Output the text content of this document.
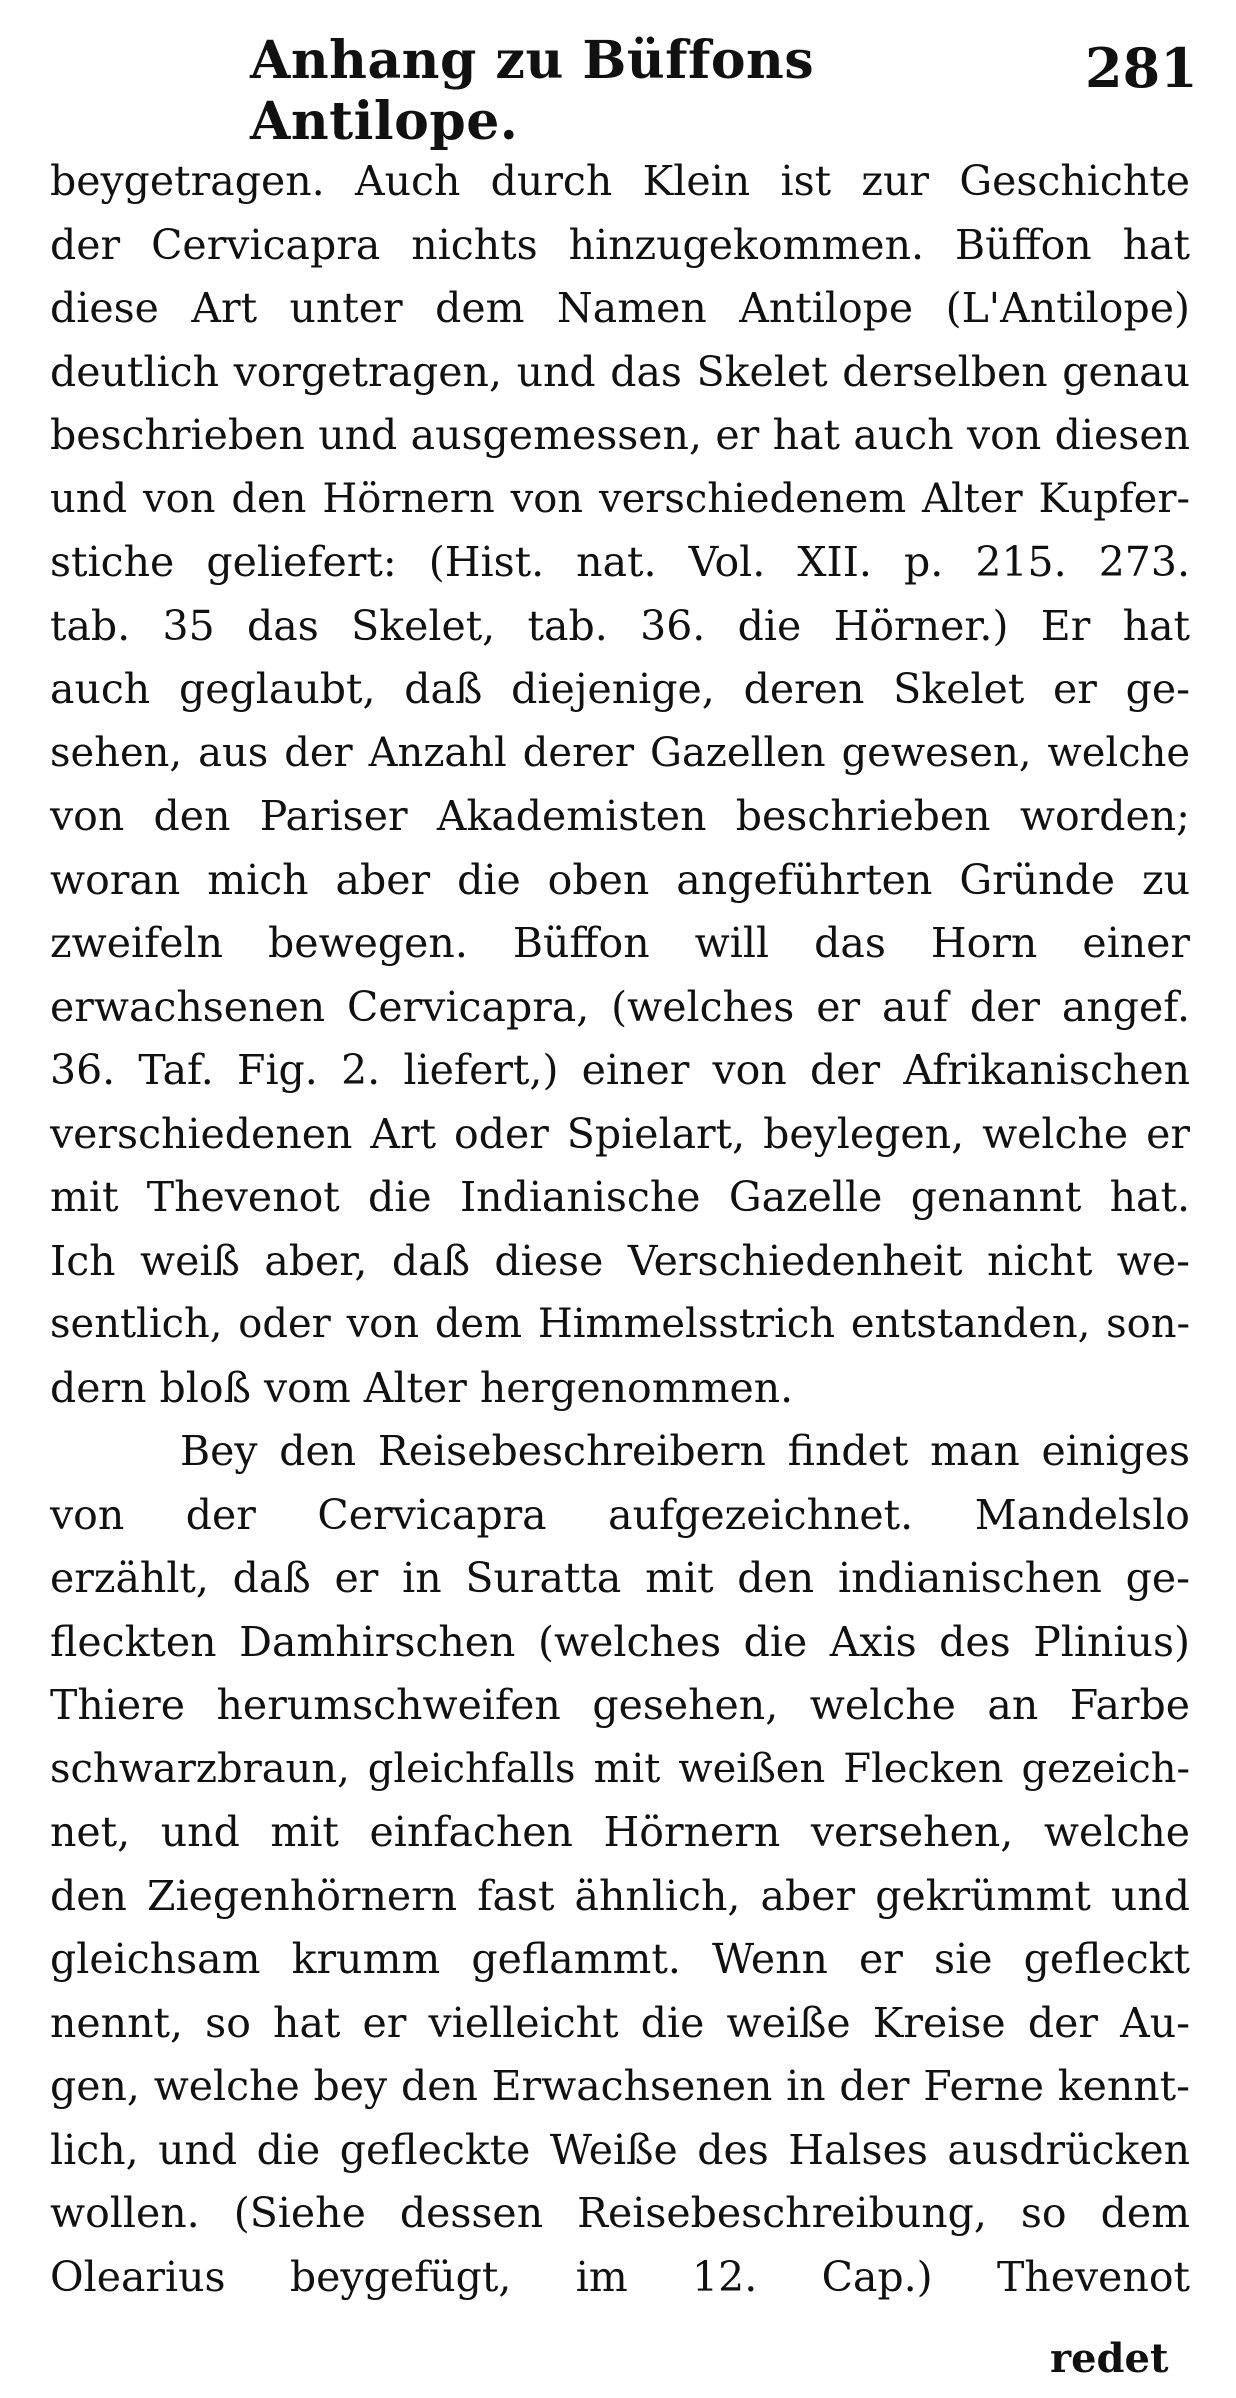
Anhang zu Büffons Antilope.
281
beygetragen. Auch durch Klein ist zur Geschichte
der Cervicapra nichts hinzugekommen. Büffon hat
diese Art unter dem Namen Antilope (L'Antilope)
deutlich vorgetragen, und das Skelet derselben genau
beschrieben und ausgemessen, er hat auch von diesen
und von den Hörnern von verschiedenem Alter Kupfer-
stiche geliefert: (Hist. nat. Vol. XII. p. 215. 273.
tab. 35 das Skelet, tab. 36. die Hörner.) Er hat
auch geglaubt, daß diejenige, deren Skelet er ge-
sehen, aus der Anzahl derer Gazellen gewesen, welche
von den Pariser Akademisten beschrieben worden;
woran mich aber die oben angeführten Gründe zu
zweifeln bewegen. Büffon will das Horn einer
erwachsenen Cervicapra, (welches er auf der angef.
36. Taf. Fig. 2. liefert,) einer von der Afrikanischen
verschiedenen Art oder Spielart, beylegen, welche er
mit Thevenot die Indianische Gazelle genannt hat.
Ich weiß aber, daß diese Verschiedenheit nicht we-
sentlich, oder von dem Himmelsstrich entstanden, son-
dern bloß vom Alter hergenommen.
Bey den Reisebeschreibern findet man einiges
von der Cervicapra aufgezeichnet. Mandelslo
erzählt, daß er in Suratta mit den indianischen ge-
fleckten Damhirschen (welches die Axis des Plinius)
Thiere herumschweifen gesehen, welche an Farbe
schwarzbraun, gleichfalls mit weißen Flecken gezeich-
net, und mit einfachen Hörnern versehen, welche
den Ziegenhörnern fast ähnlich, aber gekrümmt und
gleichsam krumm geflammt. Wenn er sie gefleckt
nennt, so hat er vielleicht die weiße Kreise der Au-
gen, welche bey den Erwachsenen in der Ferne kennt-
lich, und die gefleckte Weiße des Halses ausdrücken
wollen. (Siehe dessen Reisebeschreibung, so dem
Olearius beygefügt, im 12. Cap.) Thevenot
redet
